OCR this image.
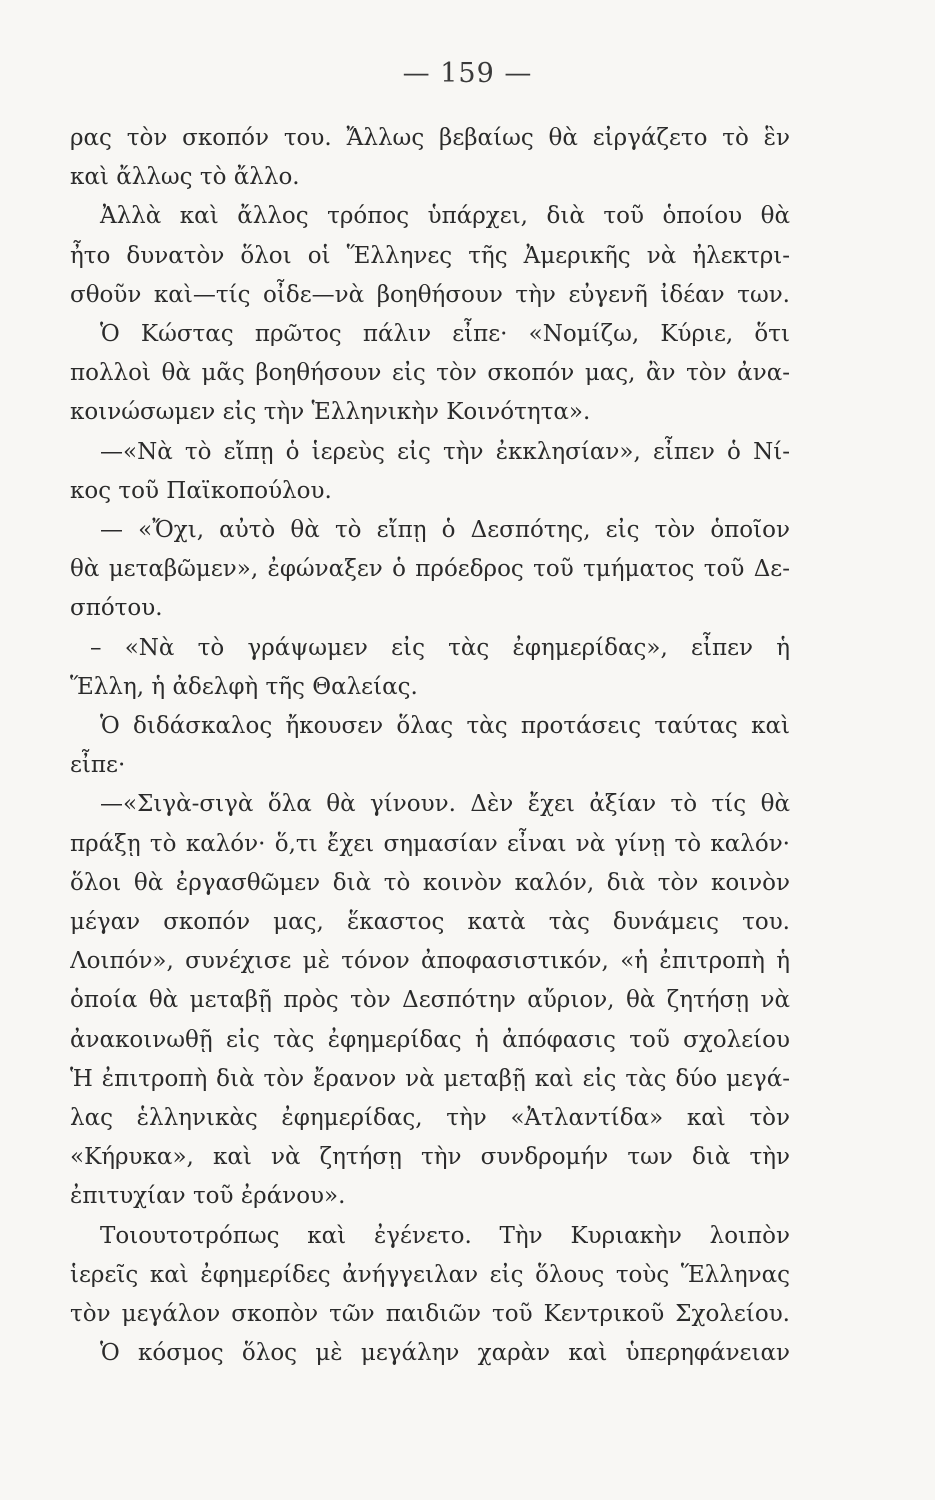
— 159 —
ρας τὸν σκοπόν του. Ἄλλως βεβαίως θὰ εἰργάζετο τὸ ἓν
καὶ ἄλλως τὸ ἄλλο.
Ἀλλὰ καὶ ἄλλος τρόπος ὑπάρχει, διὰ τοῦ ὁποίου θὰ
ἦτο δυνατὸν ὅλοι οἱ Ἕλληνες τῆς Ἀμερικῆς νὰ ἠλεκτρι-
σθοῦν καὶ—τίς οἶδε—νὰ βοηθήσουν τὴν εὐγενῆ ἰδέαν των.
Ὁ Κώστας πρῶτος πάλιν εἶπε· «Νομίζω, Κύριε, ὅτι
πολλοὶ θὰ μᾶς βοηθήσουν εἰς τὸν σκοπόν μας, ἂν τὸν ἀνα-
κοινώσωμεν εἰς τὴν Ἑλληνικὴν Κοινότητα».
—«Νὰ τὸ εἴπῃ ὁ ἱερεὺς εἰς τὴν ἐκκλησίαν», εἶπεν ὁ Νί-
κος τοῦ Παϊκοπούλου.
— «Ὄχι, αὐτὸ θὰ τὸ εἴπῃ ὁ Δεσπότης, εἰς τὸν ὁποῖον
θὰ μεταβῶμεν», ἐφώναξεν ὁ πρόεδρος τοῦ τμήματος τοῦ Δε-
σπότου.
– «Νὰ τὸ γράψωμεν εἰς τὰς ἐφημερίδας», εἶπεν ἡ
Ἕλλη, ἡ ἀδελφὴ τῆς Θαλείας.
Ὁ διδάσκαλος ἤκουσεν ὅλας τὰς προτάσεις ταύτας καὶ
εἶπε·
—«Σιγὰ-σιγὰ ὅλα θὰ γίνουν. Δὲν ἔχει ἀξίαν τὸ τίς θὰ
πράξῃ τὸ καλόν· ὅ,τι ἔχει σημασίαν εἶναι νὰ γίνῃ τὸ καλόν·
ὅλοι θὰ ἐργασθῶμεν διὰ τὸ κοινὸν καλόν, διὰ τὸν κοινὸν
μέγαν σκοπόν μας, ἕκαστος κατὰ τὰς δυνάμεις του.
Λοιπόν», συνέχισε μὲ τόνον ἀποφασιστικόν, «ἡ ἐπιτροπὴ ἡ
ὁποία θὰ μεταβῇ πρὸς τὸν Δεσπότην αὔριον, θὰ ζητήσῃ νὰ
ἀνακοινωθῇ εἰς τὰς ἐφημερίδας ἡ ἀπόφασις τοῦ σχολείου
Ἡ ἐπιτροπὴ διὰ τὸν ἔρανον νὰ μεταβῇ καὶ εἰς τὰς δύο μεγά-
λας ἑλληνικὰς ἐφημερίδας, τὴν «Ἀτλαντίδα» καὶ τὸν
«Κήρυκα», καὶ νὰ ζητήσῃ τὴν συνδρομήν των διὰ τὴν
ἐπιτυχίαν τοῦ ἐράνου».
Τοιουτοτρόπως καὶ ἐγένετο. Τὴν Κυριακὴν λοιπὸν
ἱερεῖς καὶ ἐφημερίδες ἀνήγγειλαν εἰς ὅλους τοὺς Ἕλληνας
τὸν μεγάλον σκοπὸν τῶν παιδιῶν τοῦ Κεντρικοῦ Σχολείου.
Ὁ κόσμος ὅλος μὲ μεγάλην χαρὰν καὶ ὑπερηφάνειαν
